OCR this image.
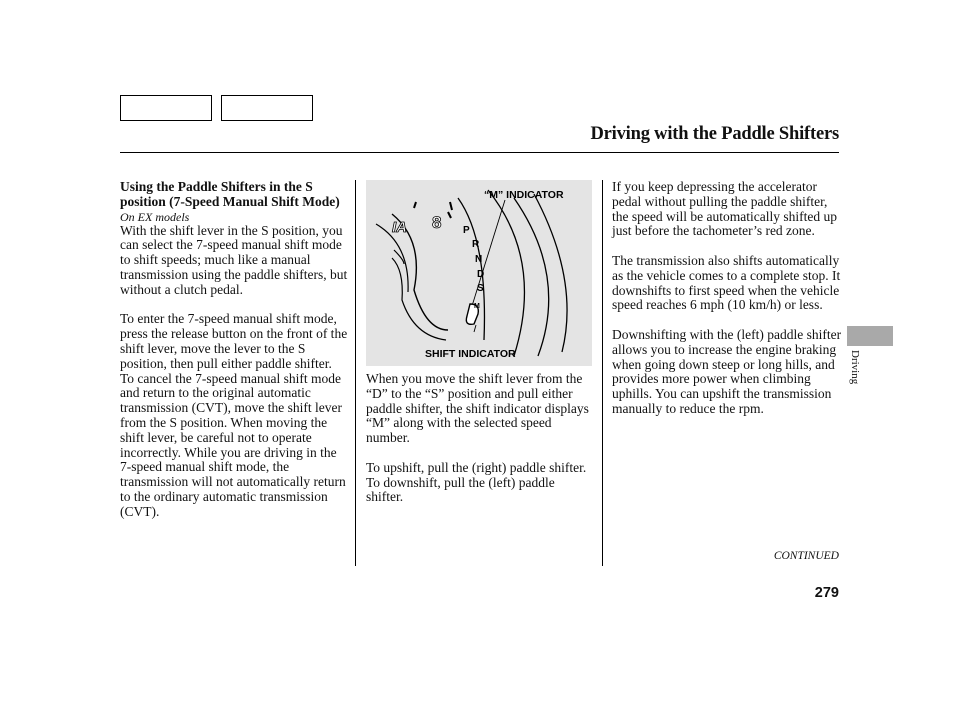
Driving with the Paddle Shifters

Using the Paddle Shifters in the S position (7-Speed Manual Shift Mode)

On EX models

With the shift lever in the S position, you can select the 7-speed manual shift mode to shift speeds; much like a manual transmission using the paddle shifters, but without a clutch pedal.

To enter the 7-speed manual shift mode, press the release button on the front of the shift lever, move the lever to the S position, then pull either paddle shifter. To cancel the 7-speed manual shift mode and return to the original automatic transmission (CVT), move the shift lever from the S position. When moving the shift lever, be careful not to operate incorrectly. While you are driving in the 7-speed manual shift mode, the transmission will not automatically return to the ordinary automatic transmission (CVT).

IA 8 P
R
N
D
S
M
“M” INDICATOR
SHIFT INDICATOR

When you move the shift lever from the “D” to the “S” position and pull either paddle shifter, the shift indicator displays “M” along with the selected speed number.

To upshift, pull the (right) paddle shifter. To downshift, pull the (left) paddle shifter.

If you keep depressing the accelerator pedal without pulling the paddle shifter, the speed will be automatically shifted up just before the tachometer’s red zone.

The transmission also shifts automatically as the vehicle comes to a complete stop. It downshifts to first speed when the vehicle speed reaches 6 mph (10 km/h) or less.

Downshifting with the (left) paddle shifter allows you to increase the engine braking when going down steep or long hills, and provides more power when climbing uphills. You can upshift the transmission manually to reduce the rpm.

CONTINUED
279
Driving
